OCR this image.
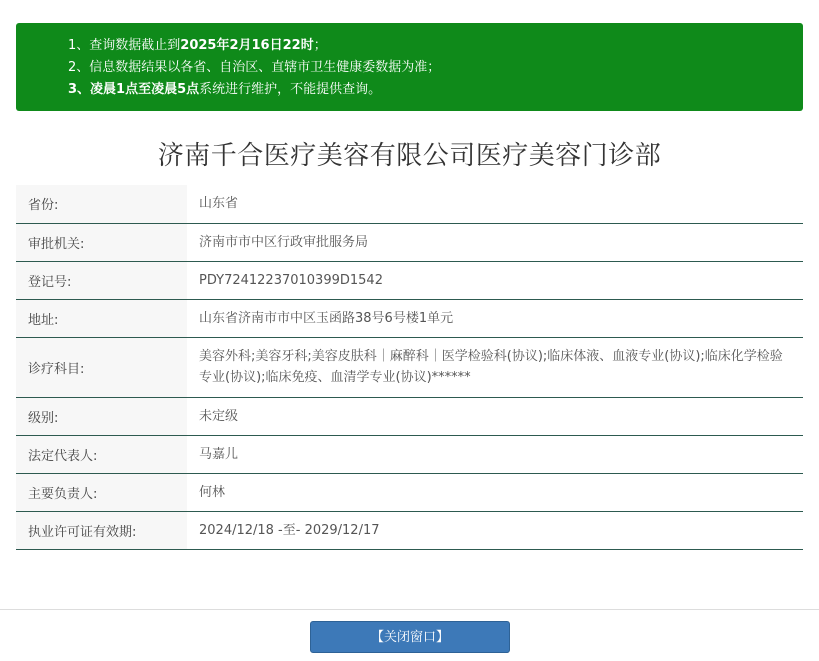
1、查询数据截止到2025年2月16日22时；
2、信息数据结果以各省、自治区、直辖市卫生健康委数据为准；
3、凌晨1点至凌晨5点系统进行维护，不能提供查询。
济南千合医疗美容有限公司医疗美容门诊部
省份:	山东省
审批机关:	济南市市中区行政审批服务局
登记号:	PDY72412237010399D1542
地址:	山东省济南市市中区玉函路38号6号楼1单元
诊疗科目:	美容外科;美容牙科;美容皮肤科｜麻醉科｜医学检验科(协议);临床体液、血液专业(协议);临床化学检验专业(协议);临床免疫、血清学专业(协议)******
级别:	未定级
法定代表人:	马嘉儿
主要负责人:	何林
执业许可证有效期:	2024/12/18 -至- 2029/12/17
【关闭窗口】
